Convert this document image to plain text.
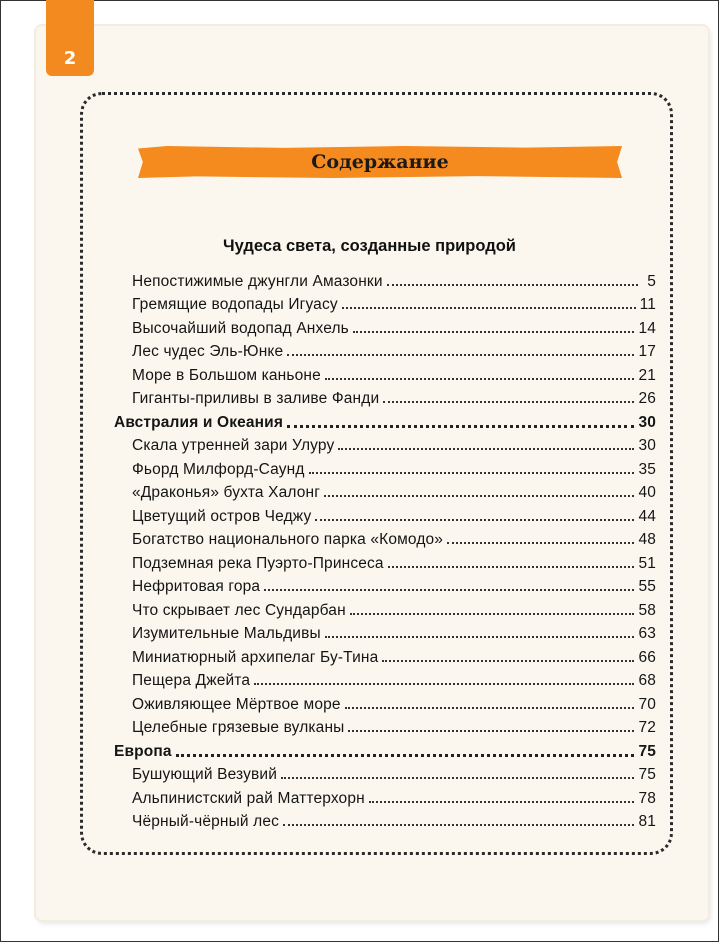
2
Содержание
Чудеса света, созданные природой
Непостижимые джунгли Амазонки	5
Гремящие водопады Игуасу	11
Высочайший водопад Анхель	14
Лес чудес Эль-Юнке	17
Море в Большом каньоне	21
Гиганты-приливы в заливе Фанди	26
Австралия и Океания	30
Скала утренней зари Улуру	30
Фьорд Милфорд-Саунд	35
«Драконья» бухта Халонг	40
Цветущий остров Чеджу	44
Богатство национального парка «Комодо»	48
Подземная река Пуэрто-Принсеса	51
Нефритовая гора	55
Что скрывает лес Сундарбан	58
Изумительные Мальдивы	63
Миниатюрный архипелаг Бу-Тина	66
Пещера Джейта	68
Оживляющее Мёртвое море	70
Целебные грязевые вулканы	72
Европа	75
Бушующий Везувий	75
Альпинистский рай Маттерхорн	78
Чёрный-чёрный лес	81
